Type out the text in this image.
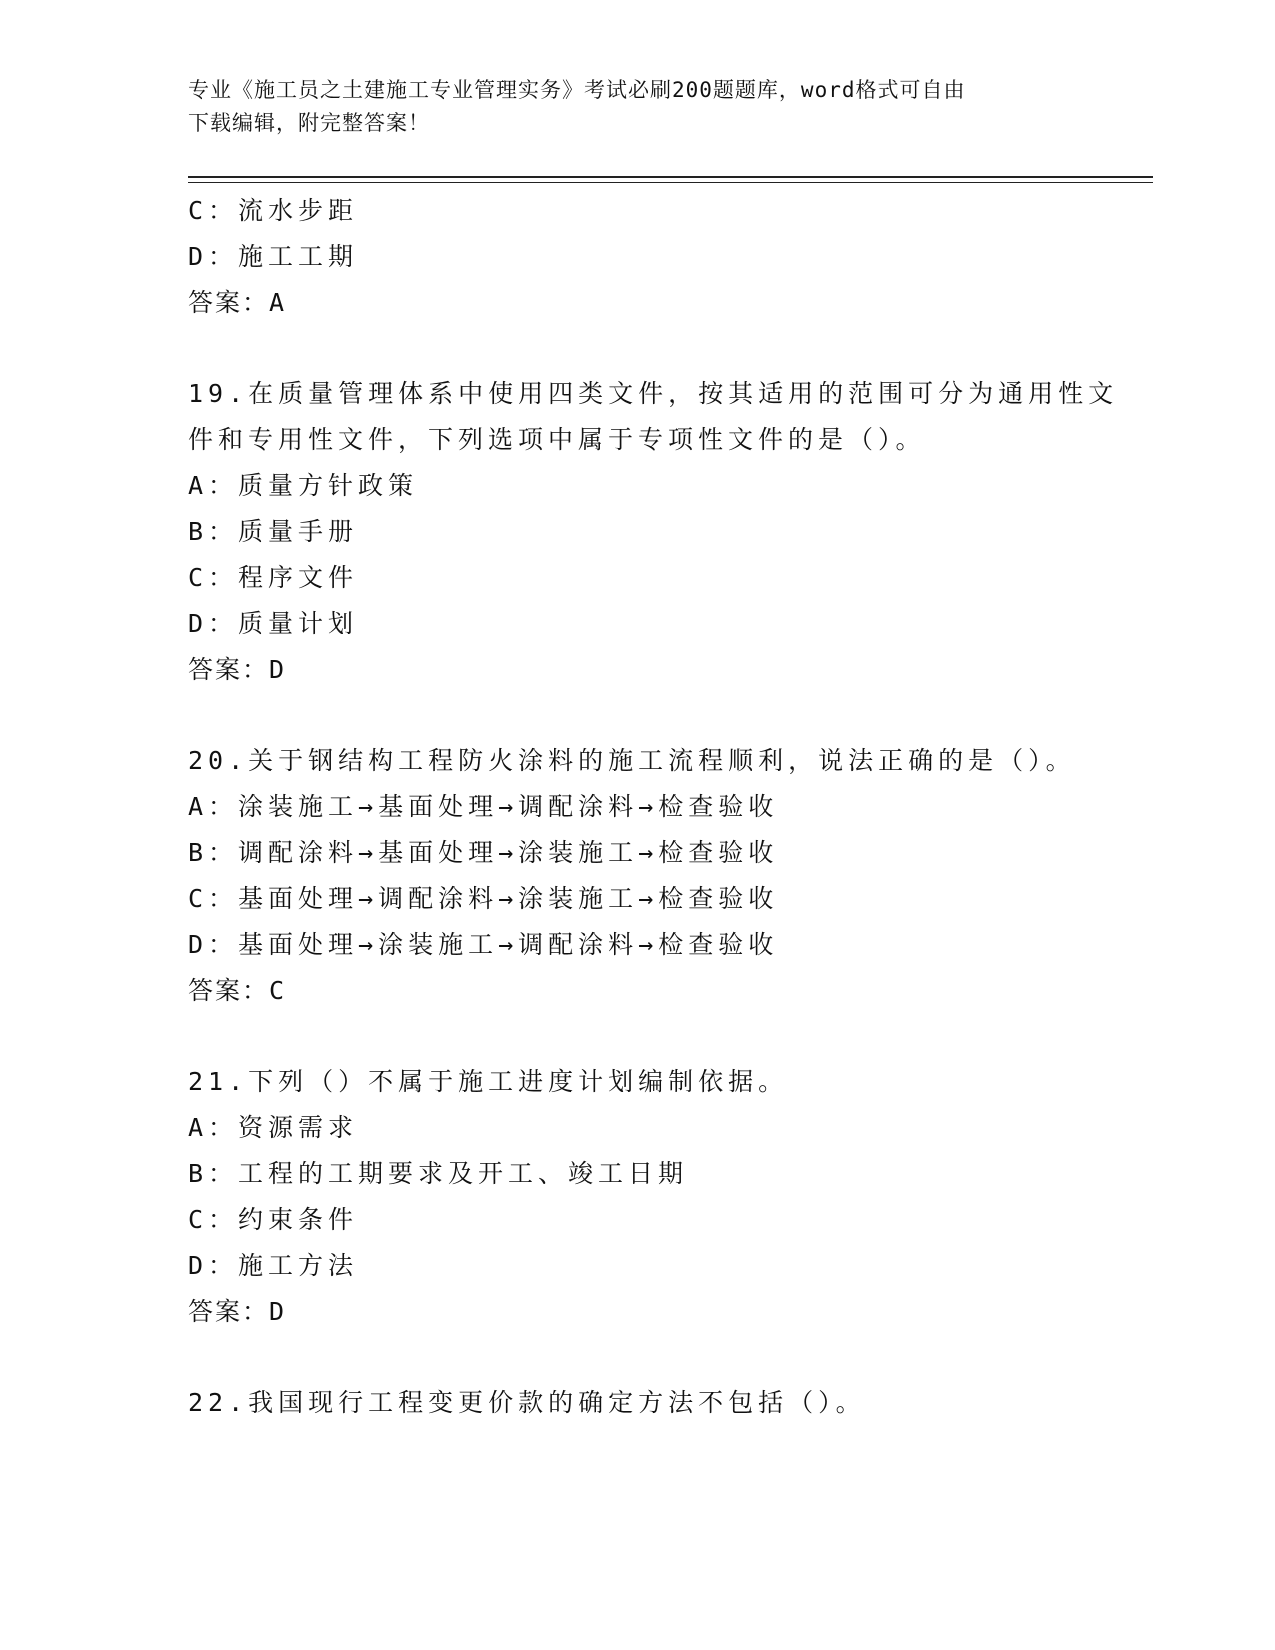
专业《施工员之土建施工专业管理实务》考试必刷200题题库，word格式可自由
下载编辑，附完整答案！
C：流水步距
D：施工工期
答案：A
19.在质量管理体系中使用四类文件，按其适用的范围可分为通用性文
件和专用性文件，下列选项中属于专项性文件的是（）。
A：质量方针政策
B：质量手册
C：程序文件
D：质量计划
答案：D
20.关于钢结构工程防火涂料的施工流程顺利，说法正确的是（）。
A：涂装施工→基面处理→调配涂料→检查验收
B：调配涂料→基面处理→涂装施工→检查验收
C：基面处理→调配涂料→涂装施工→检查验收
D：基面处理→涂装施工→调配涂料→检查验收
答案：C
21.下列（）不属于施工进度计划编制依据。
A：资源需求
B：工程的工期要求及开工、竣工日期
C：约束条件
D：施工方法
答案：D
22.我国现行工程变更价款的确定方法不包括（）。
